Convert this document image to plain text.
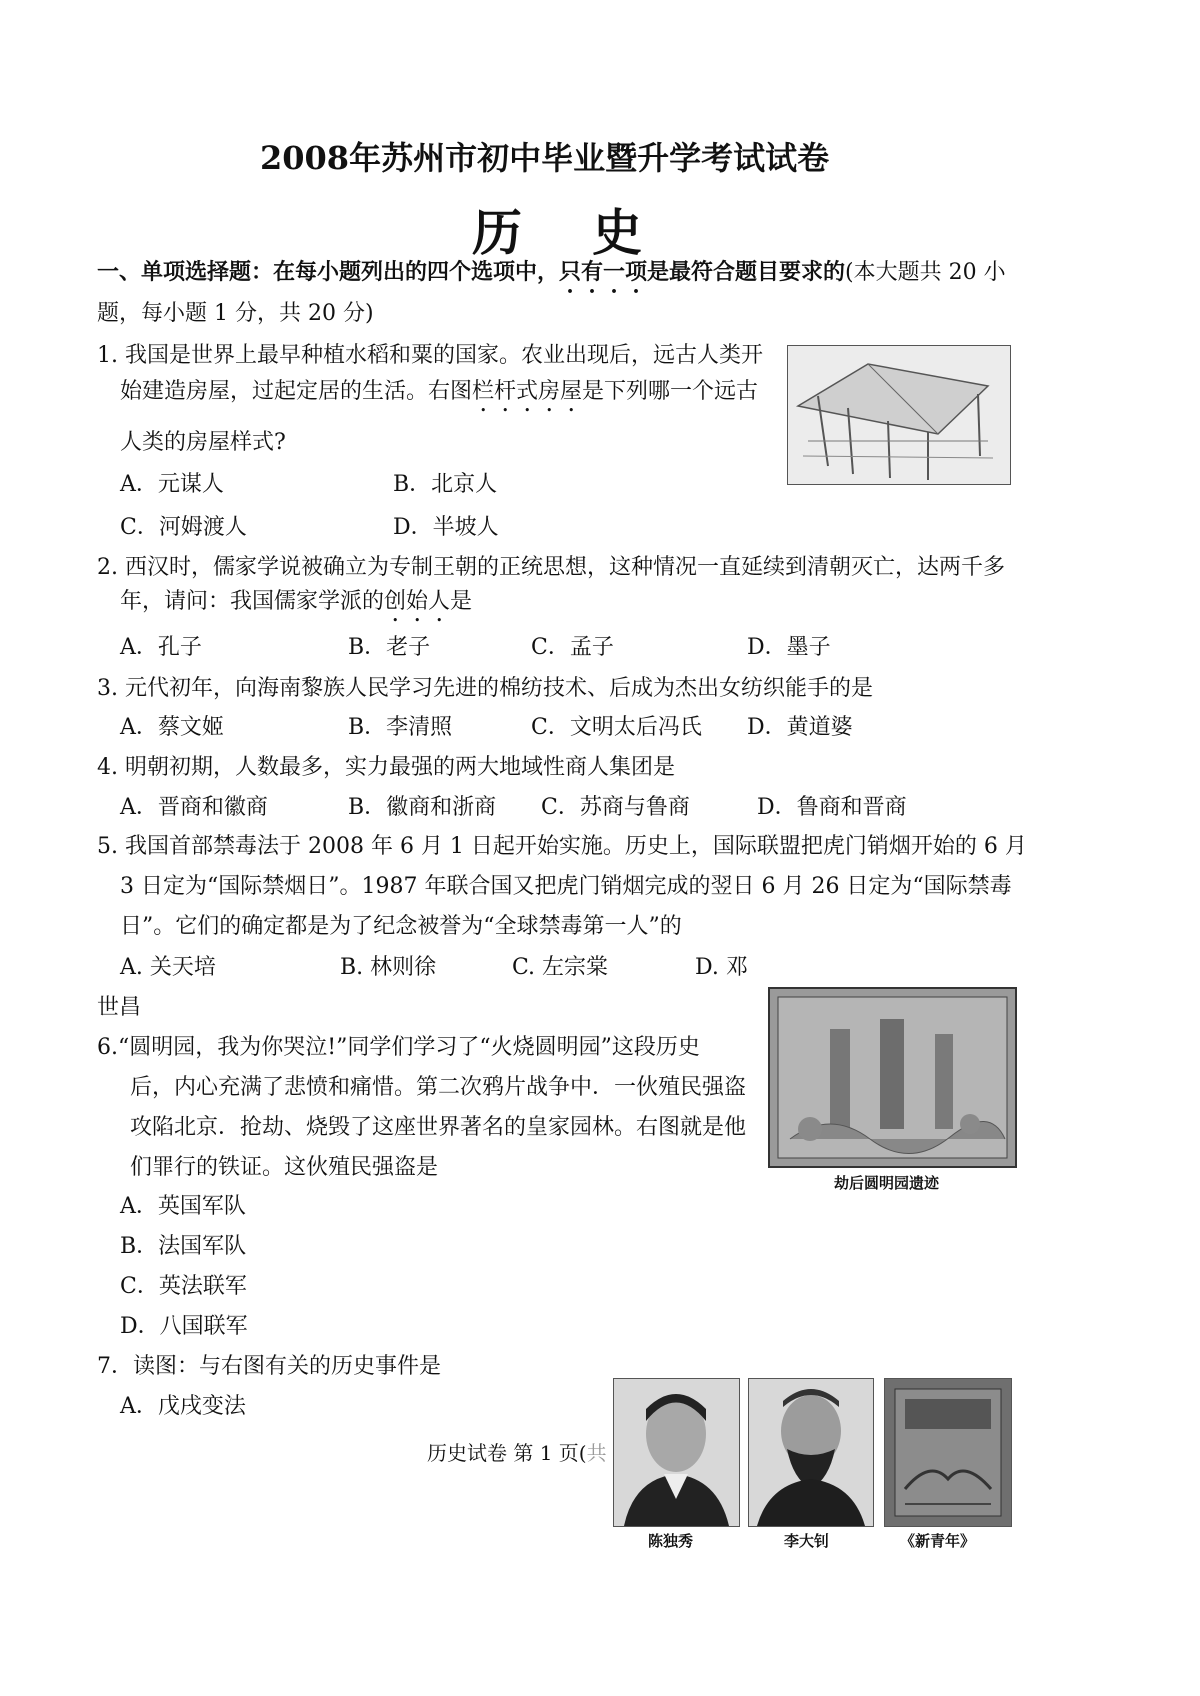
2008年苏州市初中毕业暨升学考试试卷
历史
一、单项选择题：在每小题列出的四个选项中，只有一项是最符合题目要求的(本大题共 20 小
题，每小题 1 分，共 20 分)
1. 我国是世界上最早种植水稻和粟的国家。农业出现后，远古人类开
始建造房屋，过起定居的生活。右图栏杆式房屋是下列哪一个远古
人类的房屋样式?
A．元谋人	B．北京人
C．河姆渡人	D．半坡人
2. 西汉时，儒家学说被确立为专制王朝的正统思想，这种情况一直延续到清朝灭亡，达两千多
年，请问：我国儒家学派的创始人是
A．孔子	B．老子	C．孟子	D．墨子
3. 元代初年，向海南黎族人民学习先进的棉纺技术、后成为杰出女纺织能手的是
A．蔡文姬	B．李清照	C．文明太后冯氏 D．黄道婆
4. 明朝初期，人数最多，实力最强的两大地域性商人集团是
A．晋商和徽商	B．徽商和浙商 C．苏商与鲁商	D．鲁商和晋商
5. 我国首部禁毒法于 2008 年 6 月 1 日起开始实施。历史上，国际联盟把虎门销烟开始的 6 月
3 日定为“国际禁烟日”。1987 年联合国又把虎门销烟完成的翌日 6 月 26 日定为“国际禁毒
日”。它们的确定都是为了纪念被誉为“全球禁毒第一人”的
A. 关天培	B. 林则徐	C. 左宗棠	D. 邓
世昌
劫后圆明园遗迹
6.“圆明园，我为你哭泣!”同学们学习了“火烧圆明园”这段历史
后，内心充满了悲愤和痛惜。第二次鸦片战争中．一伙殖民强盗
攻陷北京．抢劫、烧毁了这座世界著名的皇家园林。右图就是他
们罪行的铁证。这伙殖民强盗是
A．英国军队
B．法国军队
C．英法联军
D．八国联军
7．读图：与右图有关的历史事件是
A．戊戌变法
陈独秀	李大钊	《新青年》
历史试卷 第 1 页(共
